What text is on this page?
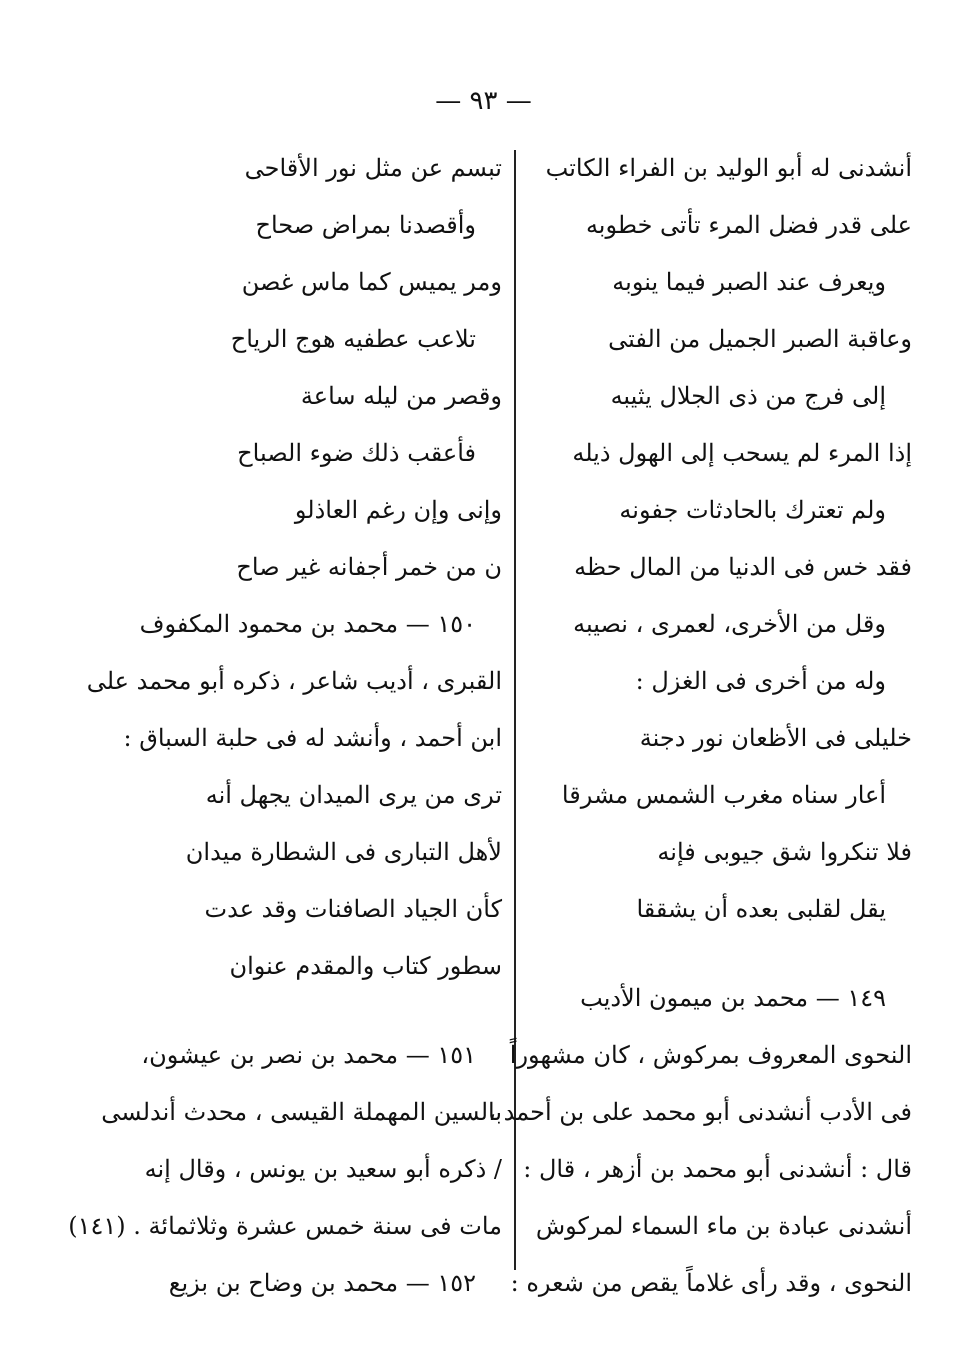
— ٩٣ —
أنشدنى له أبو الوليد بن الفراء الكاتب
على قدر فضل المرء تأتى خطوبه
ويعرف عند الصبر فيما ينوبه
وعاقبة الصبر الجميل من الفتى
إلى فرج من ذى الجلال يثيبه
إذا المرء لم يسحب إلى الهول ذيله
ولم تعترك بالحادثات جفونه
فقد خس فى الدنيا من المال حظه
وقل من الأخرى، لعمرى ، نصيبه
وله من أخرى فى الغزل :
خليلى فى الأظعان نور دجنة
أعار سناه مغرب الشمس مشرقا
فلا تنكروا شق جيوبى فإنه
يقل لقلبى بعده أن يشققا
١٤٩ — محمد بن ميمون الأديب
النحوى المعروف بمركوش ، كان مشهوراً
فى الأدب أنشدنى أبو محمد على بن أحمد ،
قال : أنشدنى أبو محمد بن أزهر ، قال :
أنشدنى عبادة بن ماء السماء لمركوش
النحوى ، وقد رأى غلاماً يقص من شعره :
تبسم عن مثل نور الأقاحى
وأقصدنا بمراض صحاح
ومر يميس كما ماس غصن
تلاعب عطفيه هوج الرياح
وقصر من ليله ساعة
فأعقب ذلك ضوء الصباح
وإنى وإن رغم العاذلو
ن من خمر أجفانه غير صاح
١٥٠ — محمد بن محمود المكفوف
القبرى ، أديب شاعر ، ذكره أبو محمد على
ابن أحمد ، وأنشد له فى حلبة السباق :
ترى من يرى الميدان يجهل أنه
لأهل التبارى فى الشطارة ميدان
كأن الجياد الصافنات وقد عدت
سطور كتاب والمقدم عنوان
١٥١ — محمد بن نصر بن عيشون،
بالسين المهملة القيسى ، محدث أندلسى
/ ذكره أبو سعيد بن يونس ، وقال إنه
مات فى سنة خمس عشرة وثلاثمائة . (١٤١)
١٥٢ — محمد بن وضاح بن بزيع
